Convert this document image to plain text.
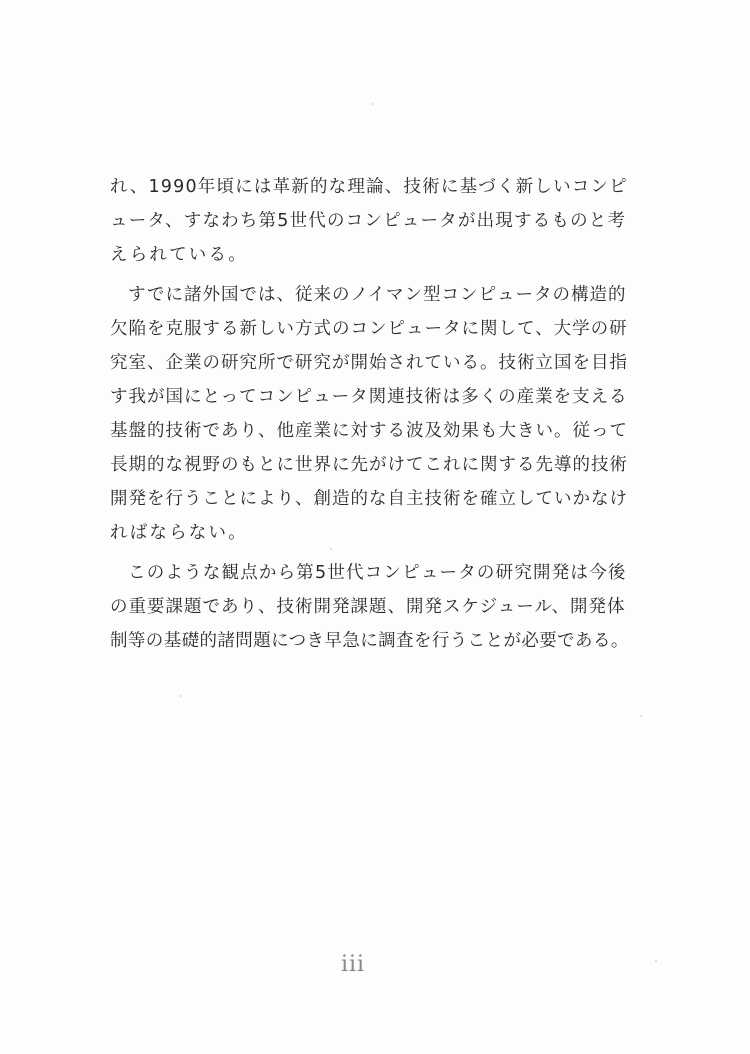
れ、1990年頃には革新的な理論、技術に基づく新しいコンピ
ュータ、すなわち第5世代のコンピュータが出現するものと考
えられている。
すでに諸外国では、従来のノイマン型コンピュータの構造的
欠陥を克服する新しい方式のコンピュータに関して、大学の研
究室、企業の研究所で研究が開始されている。技術立国を目指
す我が国にとってコンピュータ関連技術は多くの産業を支える
基盤的技術であり、他産業に対する波及効果も大きい。従って
長期的な視野のもとに世界に先がけてこれに関する先導的技術
開発を行うことにより、創造的な自主技術を確立していかなけ
ればならない。
このような観点から第5世代コンピュータの研究開発は今後
の重要課題であり、技術開発課題、開発スケジュール、開発体
制等の基礎的諸問題につき早急に調査を行うことが必要である。
iii
